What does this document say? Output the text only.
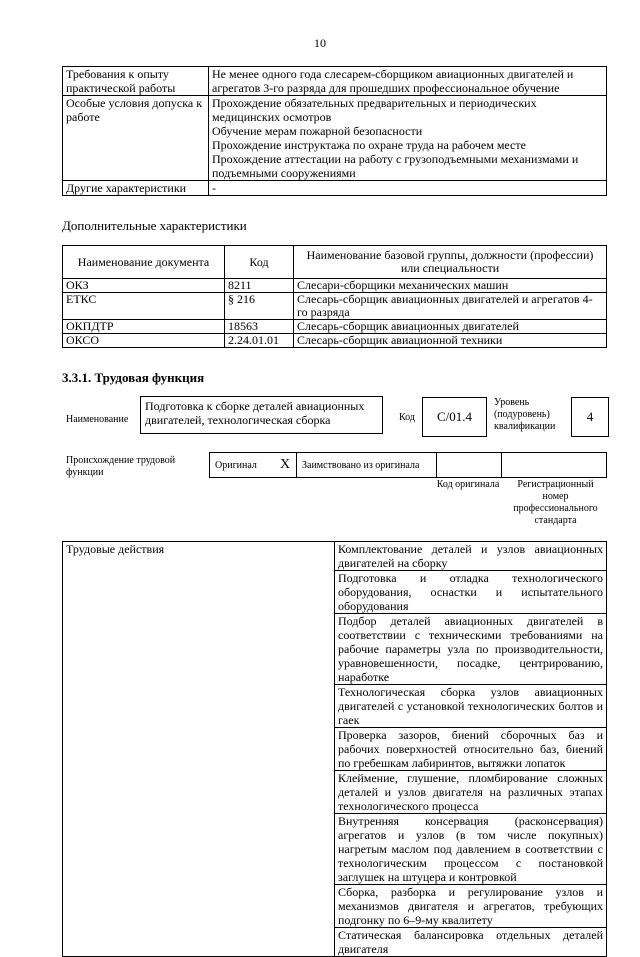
10
Требования к опыту практической работы	Не менее одного года слесарем-сборщиком авиационных двигателей и агрегатов 3-го разряда для прошедших профессиональное обучение
Особые условия допуска к работе	Прохождение обязательных предварительных и периодических медицинских осмотров
Обучение мерам пожарной безопасности
Прохождение инструктажа по охране труда на рабочем месте
Прохождение аттестации на работу с грузоподъемными механизмами и подъемными сооружениями

Другие характеристики	-
Дополнительные характеристики
Наименование документа	Код	Наименование базовой группы, должности (профессии) или специальности
ОКЗ	8211	Слесари-сборщики механических машин
ЕТКС	§ 216	Слесарь-сборщик авиационных двигателей и агрегатов 4-го разряда
ОКПДТР	18563	Слесарь-сборщик авиационных двигателей
ОКСО	2.24.01.01	Слесарь-сборщик авиационной техники
3.3.1. Трудовая функция
Наименование
Подготовка к сборке деталей авиационных двигателей, технологическая сборка	Код	C/01.4
Уровень (подуровень) квалификации
4
Происхождение трудовой функции
Оригинал X Заимствовано из оригинала
Код оригинала	Регистрационный номер профессионального стандарта
Трудовые действия	Комплектование деталей и узлов авиационных двигателей на сборку
Подготовка и отладка технологического оборудования, оснастки и испытательного оборудования
Подбор деталей авиационных двигателей в соответствии с техническими требованиями на рабочие параметры узла по производительности, уравновешенности, посадке, центрированию, наработке
Технологическая сборка узлов авиационных двигателей с установкой технологических болтов и гаек
Проверка зазоров, биений сборочных баз и рабочих поверхностей относительно баз, биений по гребешкам лабиринтов, вытяжки лопаток
Клеймение, глушение, пломбирование сложных деталей и узлов двигателя на различных этапах технологического процесса
Внутренняя консервация (расконсервация) агрегатов и узлов (в том числе покупных) нагретым маслом под давлением в соответствии с технологическим процессом с постановкой заглушек на штуцера и контровкой
Сборка, разборка и регулирование узлов и механизмов двигателя и агрегатов, требующих подгонку по 6–9-му квалитету
Статическая балансировка отдельных деталей двигателя
